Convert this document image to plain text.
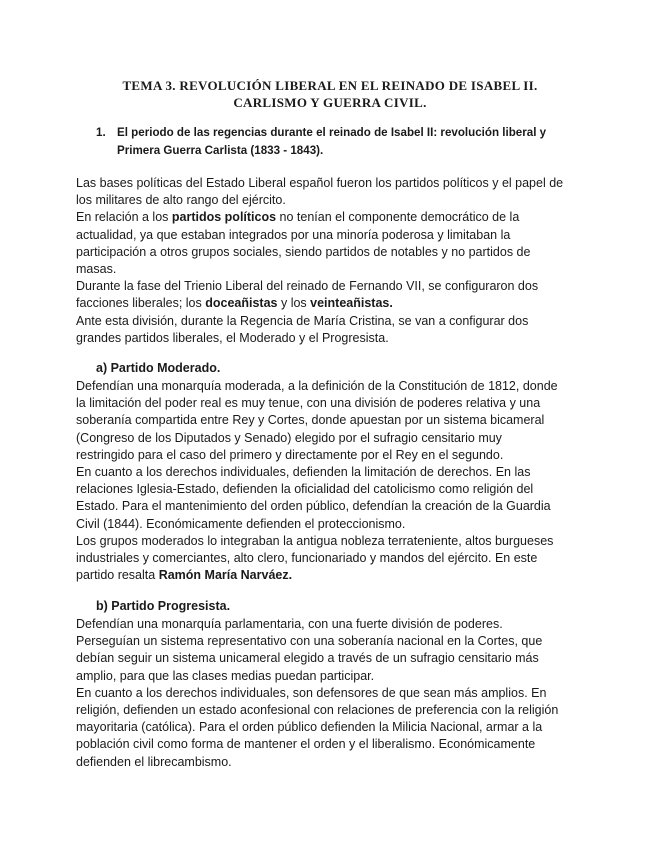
TEMA 3. REVOLUCIÓN LIBERAL EN EL REINADO DE ISABEL II.
CARLISMO Y GUERRA CIVIL.
1. El periodo de las regencias durante el reinado de Isabel II: revolución liberal y
Primera Guerra Carlista (1833 - 1843).
Las bases políticas del Estado Liberal español fueron los partidos políticos y el papel de
los militares de alto rango del ejército.
En relación a los partidos políticos no tenían el componente democrático de la
actualidad, ya que estaban integrados por una minoría poderosa y limitaban la
participación a otros grupos sociales, siendo partidos de notables y no partidos de
masas.
Durante la fase del Trienio Liberal del reinado de Fernando VII, se configuraron dos
facciones liberales; los doceañistas y los veinteañistas.
Ante esta división, durante la Regencia de María Cristina, se van a configurar dos
grandes partidos liberales, el Moderado y el Progresista.
a) Partido Moderado.
Defendían una monarquía moderada, a la definición de la Constitución de 1812, donde
la limitación del poder real es muy tenue, con una división de poderes relativa y una
soberanía compartida entre Rey y Cortes, donde apuestan por un sistema bicameral
(Congreso de los Diputados y Senado) elegido por el sufragio censitario muy
restringido para el caso del primero y directamente por el Rey en el segundo.
En cuanto a los derechos individuales, defienden la limitación de derechos. En las
relaciones Iglesia-Estado, defienden la oficialidad del catolicismo como religión del
Estado. Para el mantenimiento del orden público, defendían la creación de la Guardia
Civil (1844). Económicamente defienden el proteccionismo.
Los grupos moderados lo integraban la antigua nobleza terrateniente, altos burgueses
industriales y comerciantes, alto clero, funcionariado y mandos del ejército. En este
partido resalta Ramón María Narváez.
b) Partido Progresista.
Defendían una monarquía parlamentaria, con una fuerte división de poderes.
Perseguían un sistema representativo con una soberanía nacional en la Cortes, que
debían seguir un sistema unicameral elegido a través de un sufragio censitario más
amplio, para que las clases medias puedan participar.
En cuanto a los derechos individuales, son defensores de que sean más amplios. En
religión, defienden un estado aconfesional con relaciones de preferencia con la religión
mayoritaria (católica). Para el orden público defienden la Milicia Nacional, armar a la
población civil como forma de mantener el orden y el liberalismo. Económicamente
defienden el librecambismo.
